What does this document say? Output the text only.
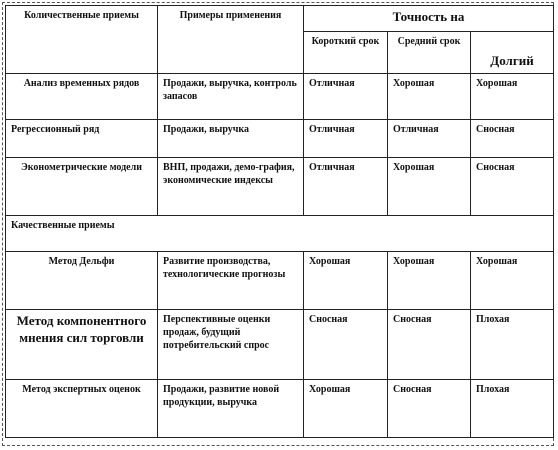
Количественные приемы	Примеры применения	Точность на		
		Короткий срок	Средний срок	Долгий
Анализ временных рядов	Продажи, выручка, контроль запасов	Отличная	Хорошая	Хорошая
Регрессионный ряд	Продажи, выручка	Отличная	Отличная	Сносная
Эконометрические модели	ВНП, продажи, демо-графия, экономические индексы	Отличная	Хорошая	Сносная
Качественные приемы				
Метод Дельфи	Развитие производства, технологические прогнозы	Хорошая	Хорошая	Хорошая
Метод компонентного мнения сил торговли	Перспективные оценки продаж, будущий потребительский спрос	Сносная	Сносная	Плохая
Метод экспертных оценок	Продажи, развитие новой продукции, выручка	Хорошая	Сносная	Плохая
